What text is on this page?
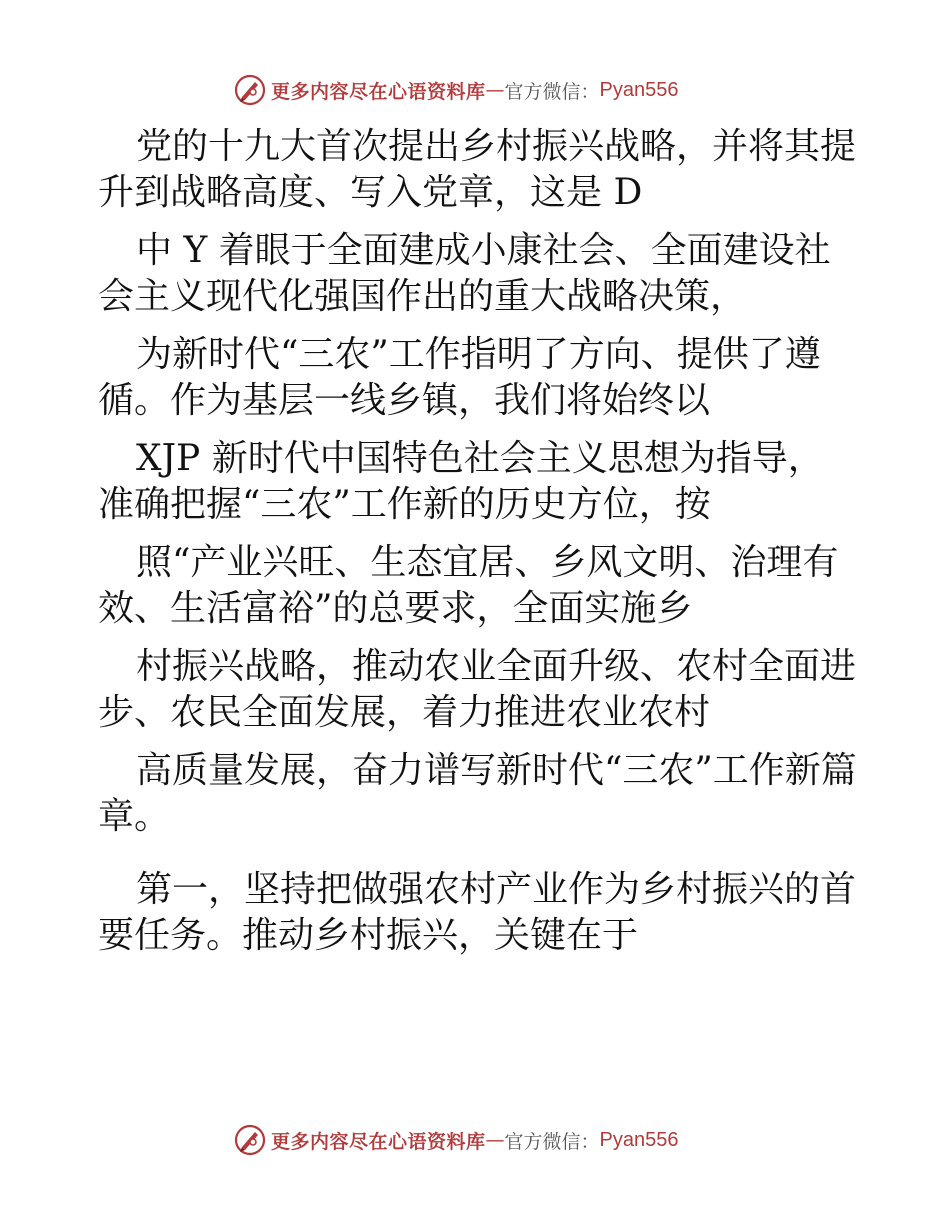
更多内容尽在心语资料库 — 官方微信： Pyan556

党的十九大首次提出乡村振兴战略，并将其提升到战略高度、写入党章，这是 D

中 Y 着眼于全面建成小康社会、全面建设社会主义现代化强国作出的重大战略决策，

为新时代“三农”工作指明了方向、提供了遵循。作为基层一线乡镇，我们将始终以

XJP 新时代中国特色社会主义思想为指导，准确把握“三农”工作新的历史方位，按

照“产业兴旺、生态宜居、乡风文明、治理有效、生活富裕”的总要求，全面实施乡

村振兴战略，推动农业全面升级、农村全面进步、农民全面发展，着力推进农业农村

高质量发展，奋力谱写新时代“三农”工作新篇章。

第一，坚持把做强农村产业作为乡村振兴的首要任务。推动乡村振兴，关键在于

更多内容尽在心语资料库 — 官方微信： Pyan556
